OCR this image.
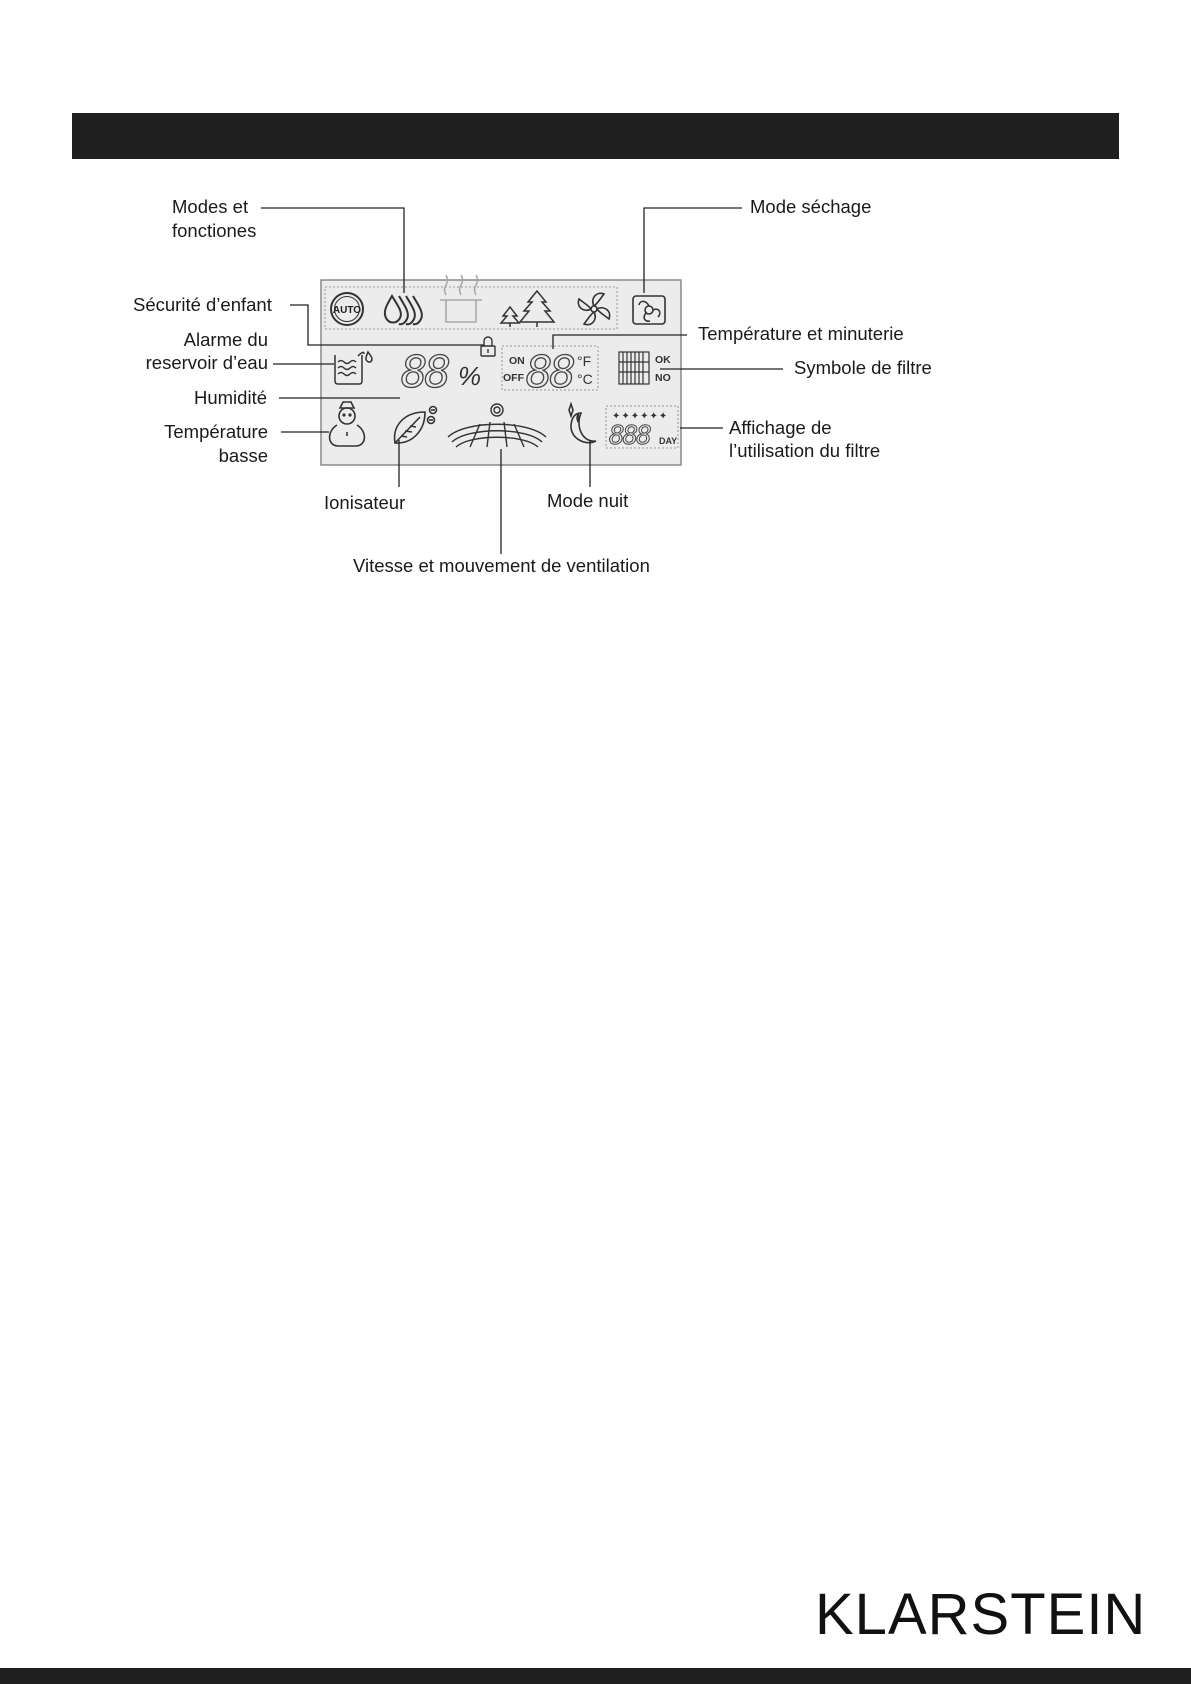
AUTO
88 %	ON
OFF 88 °F
°C
OK
NO
✦✦✦✦✦✦
888 DAY
Modes et
fonctiones
Mode séchage
Sécurité d’enfant
Alarme du
reservoir d’eau
Température et minuterie
Symbole de filtre
Humidité
Température
basse
Affichage de
l’utilisation du filtre
Ionisateur	Mode nuit
Vitesse et mouvement de ventilation
KLARSTEIN
